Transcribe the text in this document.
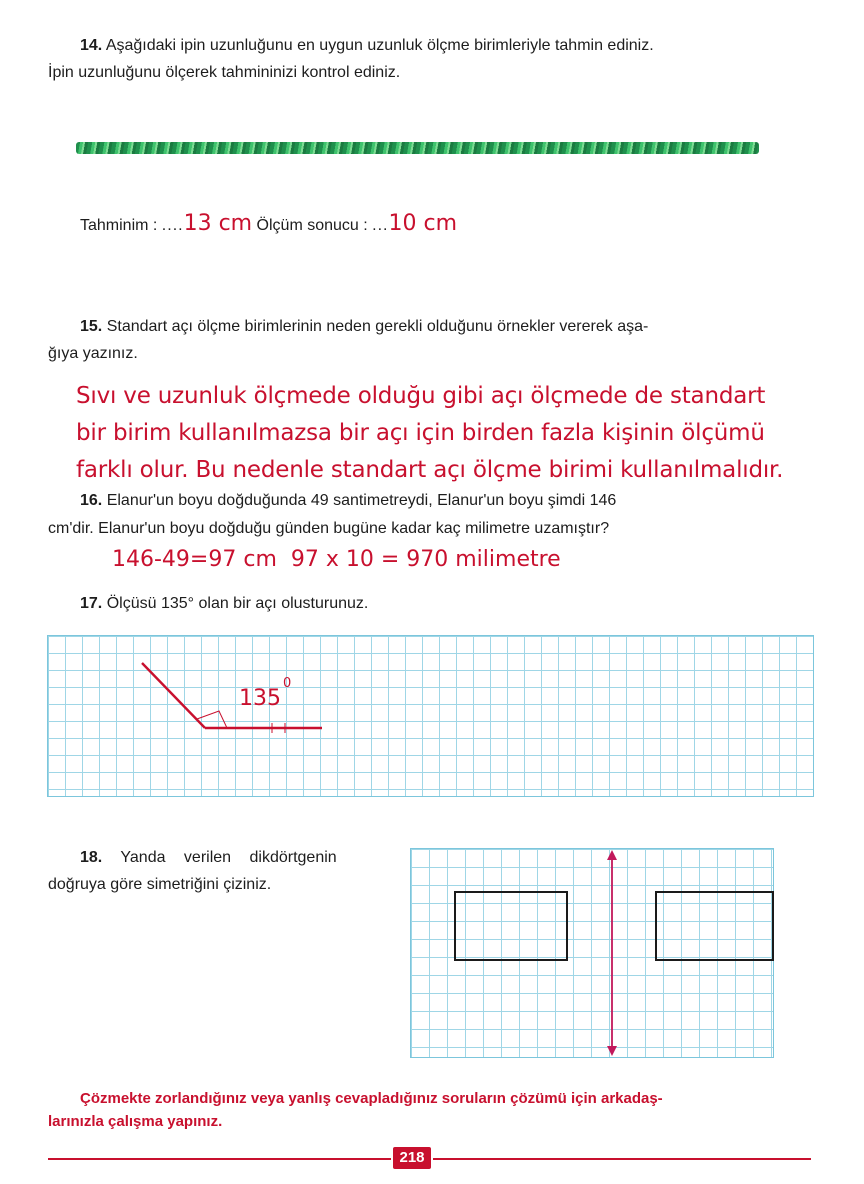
14. Aşağıdaki ipin uzunluğunu en uygun uzunluk ölçme birimleriyle tahmin ediniz.
İpin uzunluğunu ölçerek tahmininizi kontrol ediniz.
Tahminim : ....13 cm Ölçüm sonucu : ...10 cm
15. Standart açı ölçme birimlerinin neden gerekli olduğunu örnekler vererek aşa-
ğıya yazınız.
Sıvı ve uzunluk ölçmede olduğu gibi açı ölçmede de standart
bir birim kullanılmazsa bir açı için birden fazla kişinin ölçümü
farklı olur. Bu nedenle standart açı ölçme birimi kullanılmalıdır.
16. Elanur'un boyu doğduğunda 49 santimetreydi, Elanur'un boyu şimdi 146
cm'dir. Elanur'un boyu doğduğu günden bugüne kadar kaç milimetre uzamıştır?
146-49=97 cm  97 x 10 = 970 milimetre
17. Ölçüsü 135° olan bir açı olusturunuz.
135
0
18. Yanda verilen dikdörtgenin
doğruya göre simetriğini çiziniz.
Çözmekte zorlandığınız veya yanlış cevapladığınız soruların çözümü için arkadaş-
larınızla çalışma yapınız.
218
